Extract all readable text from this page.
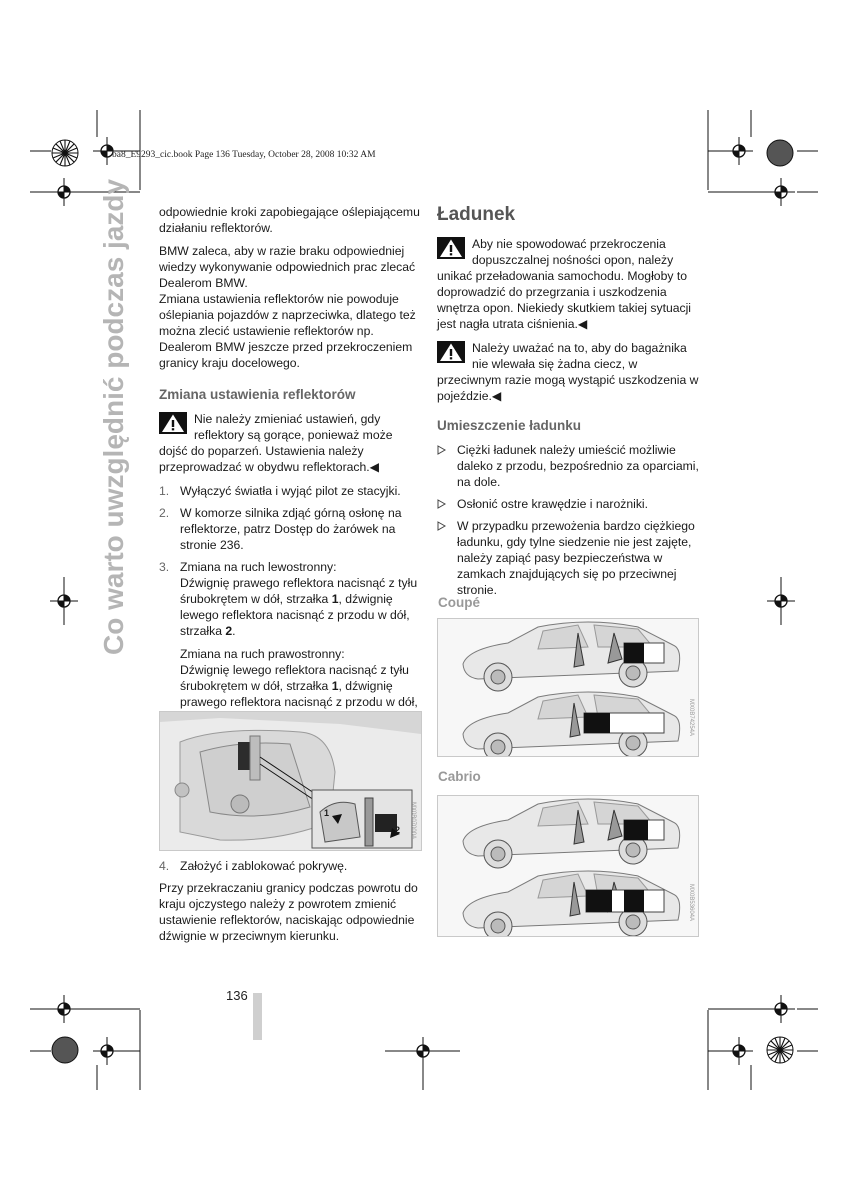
ba8_E9293_cic.book Page 136 Tuesday, October 28, 2008 10:32 AM
Co warto uwzględnić podczas jazdy	odpowiednie kroki zapobiegające oślepiającemu działaniu reflektorów.

BMW zaleca, aby w razie braku odpowiedniej wiedzy wykonywanie odpowiednich prac zlecać Dealerom BMW.

Zmiana ustawienia reflektorów nie powoduje oślepiania pojazdów z naprzeciwka, dlatego też można zlecić ustawienie reflektorów np. Dealerom BMW jeszcze przed przekroczeniem granicy kraju docelowego.

Zmiana ustawienia reflektorów
Nie należy zmieniać ustawień, gdy reflektory są gorące, ponieważ może dojść do poparzeń. Ustawienia należy przeprowadzać w obydwu reflektorach.◀
1. Wyłączyć światła i wyjąć pilot ze stacyjki.
2. W komorze silnika zdjąć górną osłonę na reflektorze, patrz Dostęp do żarówek na stronie 236.
3. Zmiana na ruch lewostronny:
Dźwignię prawego reflektora nacisnąć z tyłu śrubokrętem w dół, strzałka 1, dźwignię lewego reflektora nacisnąć z przodu w dół, strzałka 2.
Zmiana na ruch prawostronny:
Dźwignię lewego reflektora nacisnąć z tyłu śrubokrętem w dół, strzałka 1, dźwignię prawego reflektora nacisnąć z przodu w dół,
1
2 MX0B07000A
4. Założyć i zablokować pokrywę.

Przy przekraczaniu granicy podczas powrotu do kraju ojczystego należy z powrotem zmienić ustawienie reflektorów, naciskając odpowiednie dźwignie w przeciwnym kierunku.

Ładunek
Aby nie spowodować przekroczenia dopuszczalnej nośności opon, należy unikać przeładowania samochodu. Mogłoby to doprowadzić do przegrzania i uszkodzenia wnętrza opon. Niekiedy skutkiem takiej sytuacji jest nagła utrata ciśnienia.◀
Należy uważać na to, aby do bagażnika nie wlewała się żadna ciecz, w przeciwnym razie mogą wystąpić uszkodzenia w pojeździe.◀
Umieszczenie ładunku
Ciężki ładunek należy umieścić możliwie daleko z przodu, bezpośrednio za oparciami, na dole.
Osłonić ostre krawędzie i narożniki.
W przypadku przewożenia bardzo ciężkiego ładunku, gdy tylne siedzenie nie jest zajęte, należy zapiąć pasy bezpieczeństwa w zamkach znajdujących się po przeciwnej stronie.
Coupé
MX0B74254A
Cabrio
MX0B53604A
136
